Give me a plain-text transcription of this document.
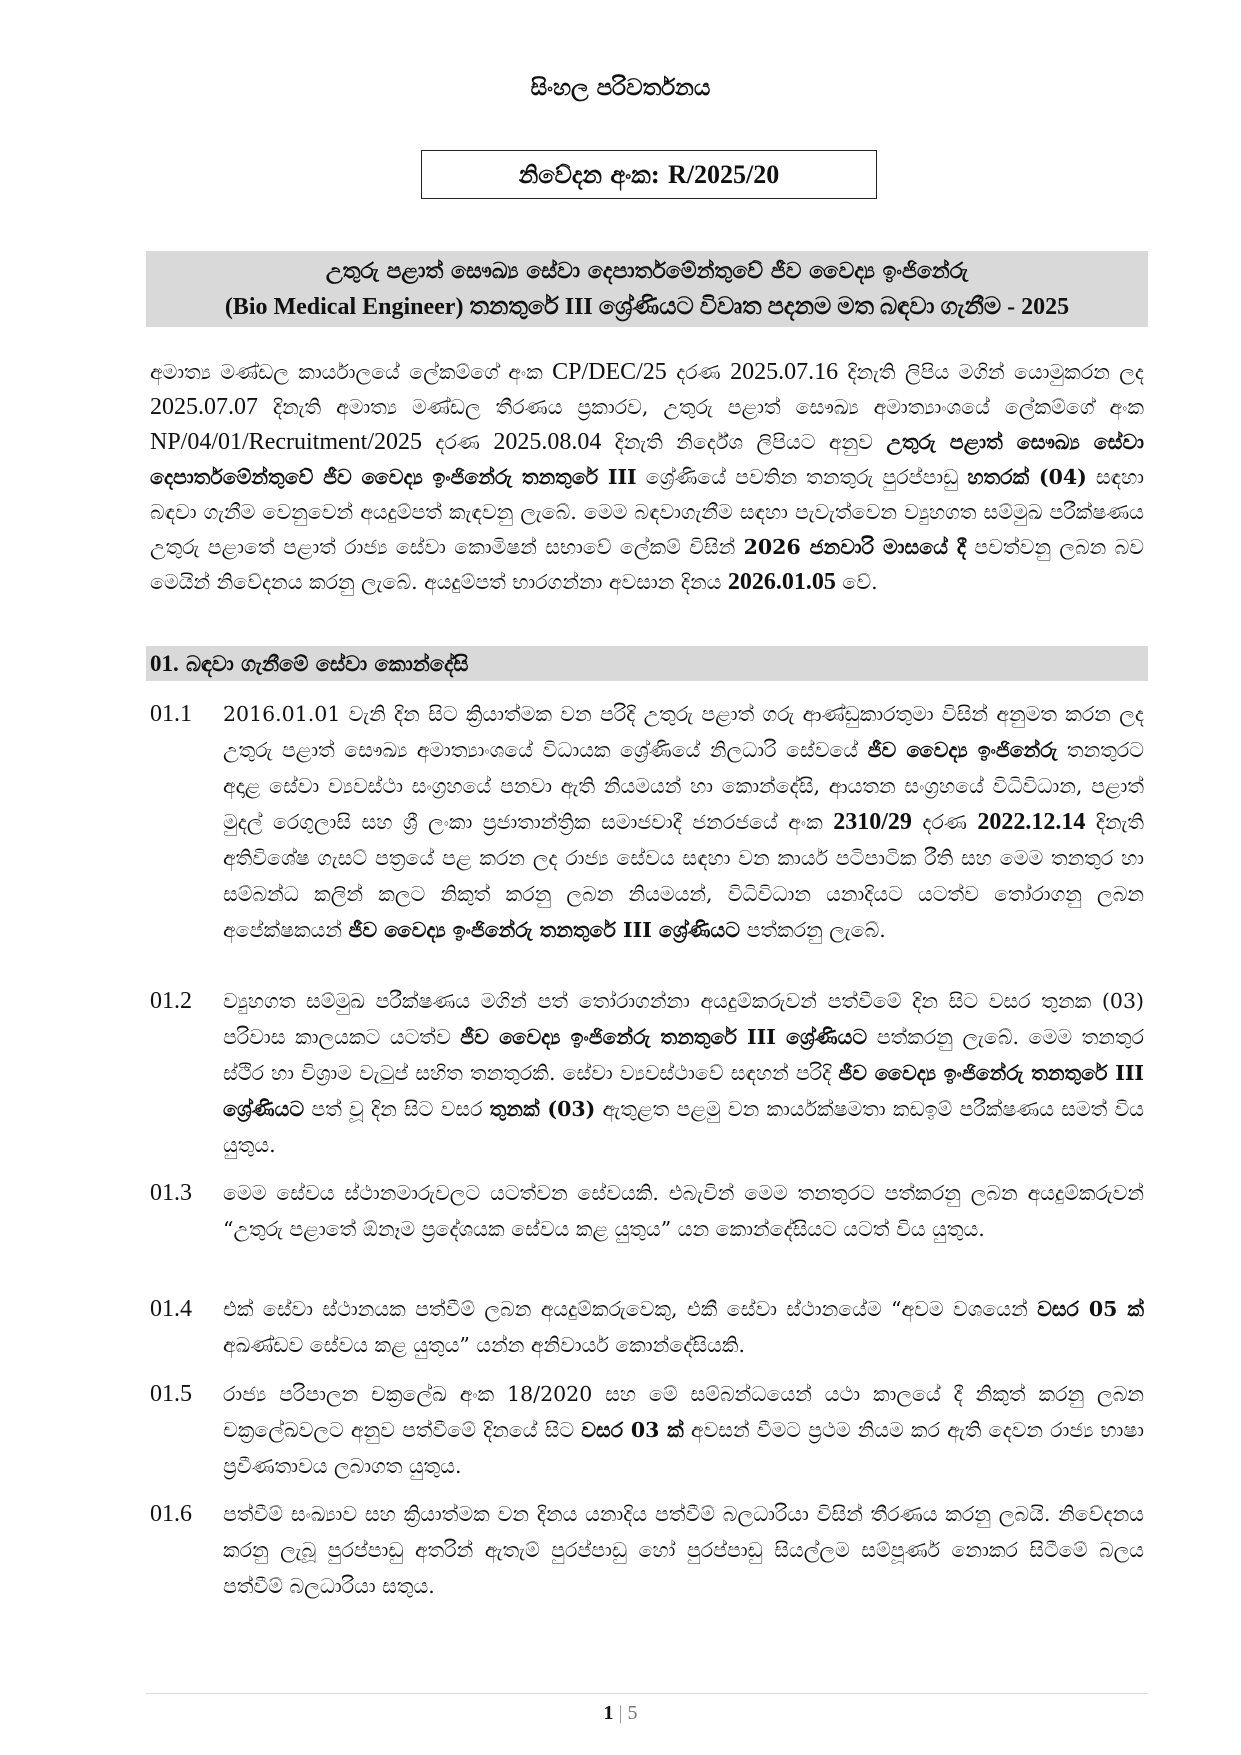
සිංහල පරිවර්තනය
නිවේදන අංක:
R/2025/20
උතුරු පළාත් සෞඛ්‍ය සේවා දෙපාර්තමේන්තුවේ ජීව වෛද්‍ය ඉංජිනේරු
(Bio Medical Engineer) තනතුරේ III ශ්‍රේණියට විවෘත පදනම මත බඳවා ගැනීම - 2025
අමාත්‍ය මණ්ඩල කාර්යාලයේ ලේකම්ගේ අංක CP/DEC/25 දරණ 2025.07.16 දිනැති ලිපිය මගින් යොමුකරන ලද 2025.07.07 දිනැති අමාත්‍ය මණ්ඩල තීරණය ප්‍රකාරව, උතුරු පළාත් සෞඛ්‍ය අමාත්‍යාංශයේ ලේකම්ගේ අංක NP/04/01/Recruitment/2025 දරණ 2025.08.04 දිනැති නිර්දේශ ලිපියට අනුව උතුරු පළාත් සෞඛ්‍ය සේවා දෙපාර්තමේන්තුවේ ජීව වෛද්‍ය ඉංජිනේරු තනතුරේ III ශ්‍රේණියේ පවතින තනතුරු පුරප්පාඩු හතරක් (04) සඳහා බඳවා ගැනීම වෙනුවෙන් අයදුම්පත් කැඳවනු ලැබේ. මෙම බඳවාගැනීම සඳහා පැවැත්වෙන ව්‍යුහගත සම්මුඛ පරීක්ෂණය උතුරු පළාතේ පළාත් රාජ්‍ය සේවා කොමිෂන් සභාවේ ලේකම් විසින් 2026 ජනවාරි මාසයේ දී පවත්වනු ලබන බව මෙයින් නිවේදනය කරනු ලැබේ. අයදුම්පත් භාරගන්නා අවසාන දිනය 2026.01.05 වේ.
01. බඳවා ගැනීමේ සේවා කොන්දේසි
01.1	2016.01.01 වැනි දින සිට ක්‍රියාත්මක වන පරිදි උතුරු පළාත් ගරු ආණ්ඩුකාරතුමා විසින් අනුමත කරන ලද උතුරු පළාත් සෞඛ්‍ය අමාත්‍යාංශයේ විධායක ශ්‍රේණියේ නිලධාරි සේවයේ ජීව වෛද්‍ය ඉංජිනේරු තනතුරට අදාළ සේවා ව්‍යවස්ථා සංග්‍රහයේ පනවා ඇති නියමයන් හා කොන්දේසි, ආයතන සංග්‍රහයේ විධිවිධාන, පළාත් මුදල් රෙගුලාසි සහ ශ්‍රී ලංකා ප්‍රජාතාන්ත්‍රික සමාජවාදී ජනරජයේ අංක 2310/29 දරණ 2022.12.14 දිනැති අතිවිශේෂ ගැසට් පත්‍රයේ පළ කරන ලද රාජ්‍ය සේවය සඳහා වන කාර්ය පටිපාටික රීති සහ මෙම තනතුර හා සම්බන්ධ කලින් කලට නිකුත් කරනු ලබන නියමයන්, විධිවිධාන යනාදියට යටත්ව තෝරාගනු ලබන අපේක්ෂකයන් ජීව වෛද්‍ය ඉංජිනේරු තනතුරේ III ශ්‍රේණියට පත්කරනු ලැබේ.
01.2	ව්‍යුහගත සම්මුඛ පරීක්ෂණය මගින් පත් තෝරාගන්නා අයදුම්කරුවන් පත්වීමේ දින සිට වසර තුනක (03) පරිවාස කාලයකට යටත්ව ජීව වෛද්‍ය ඉංජිනේරු තනතුරේ III ශ්‍රේණියට පත්කරනු ලැබේ. මෙම තනතුර ස්ථිර හා විශ්‍රාම වැටුප් සහිත තනතුරකි. සේවා ව්‍යවස්ථාවේ සඳහන් පරිදි ජීව වෛද්‍ය ඉංජිනේරු තනතුරේ III ශ්‍රේණියට පත් වූ දින සිට වසර තුනක් (03) ඇතුළත පළමු වන කාර්යක්ෂමතා කඩඉම් පරීක්ෂණය සමත් විය යුතුය.
01.3	මෙම සේවය ස්ථානමාරුවලට යටත්වන සේවයකි. එබැවින් මෙම තනතුරට පත්කරනු ලබන අයදුම්කරුවන් “උතුරු පළාතේ ඕනෑම ප්‍රදේශයක සේවය කළ යුතුය” යන කොන්දේසියට යටත් විය යුතුය.
01.4	එක් සේවා ස්ථානයක පත්වීම් ලබන අයදුම්කරුවෙකු, එකී සේවා ස්ථානයේම “අවම වශයෙන් වසර 05 ක් අඛණ්ඩව සේවය කළ යුතුය” යන්න අනිවාර්ය කොන්දේසියකි.
01.5	රාජ්‍ය පරිපාලන චක්‍රලේඛ අංක 18/2020 සහ මේ සම්බන්ධයෙන් යථා කාලයේ දී නිකුත් කරනු ලබන චක්‍රලේඛවලට අනුව පත්වීමේ දිනයේ සිට වසර 03 ක් අවසන් වීමට ප්‍රථම නියම කර ඇති දෙවන රාජ්‍ය භාෂා ප්‍රවීණතාවය ලබාගත යුතුය.
01.6	පත්වීම් සංඛ්‍යාව සහ ක්‍රියාත්මක වන දිනය යනාදිය පත්වීම් බලධාරියා විසින් තීරණය කරනු ලබයි. නිවේදනය කරනු ලැබූ පුරප්පාඩු අතරින් ඇතැම් පුරප්පාඩු හෝ පුරප්පාඩු සියල්ලම සම්පූර්ණ නොකර සිටීමේ බලය පත්වීම් බලධාරියා සතුය.
1 | 5
